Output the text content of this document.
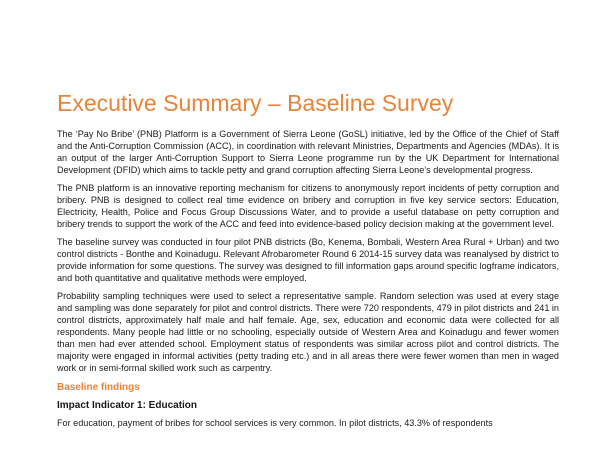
Executive Summary – Baseline Survey

The ‘Pay No Bribe’ (PNB) Platform is a Government of Sierra Leone (GoSL) initiative, led by the Office of the Chief of Staff and the Anti-Corruption Commission (ACC), in coordination with relevant Ministries, Departments and Agencies (MDAs). It is an output of the larger Anti-Corruption Support to Sierra Leone programme run by the UK Department for International Development (DFID) which aims to tackle petty and grand corruption affecting Sierra Leone’s developmental progress.

The PNB platform is an innovative reporting mechanism for citizens to anonymously report incidents of petty corruption and bribery. PNB is designed to collect real time evidence on bribery and corruption in five key service sectors: Education, Electricity, Health, Police and Focus Group Discussions Water, and to provide a useful database on petty corruption and bribery trends to support the work of the ACC and feed into evidence-based policy decision making at the government level.

The baseline survey was conducted in four pilot PNB districts (Bo, Kenema, Bombali, Western Area Rural + Urban) and two control districts - Bonthe and Koinadugu. Relevant Afrobarometer Round 6 2014-15 survey data was reanalysed by district to provide information for some questions. The survey was designed to fill information gaps around specific logframe indicators, and both quantitative and qualitative methods were employed.

Probability sampling techniques were used to select a representative sample. Random selection was used at every stage and sampling was done separately for pilot and control districts. There were 720 respondents, 479 in pilot districts and 241 in control districts, approximately half male and half female. Age, sex, education and economic data were collected for all respondents. Many people had little or no schooling, especially outside of Western Area and Koinadugu and fewer women than men had ever attended school. Employment status of respondents was similar across pilot and control districts. The majority were engaged in informal activities (petty trading etc.) and in all areas there were fewer women than men in waged work or in semi-formal skilled work such as carpentry.

Baseline findings
Impact Indicator 1: Education

For education, payment of bribes for school services is very common. In pilot districts, 43.3% of respondents
